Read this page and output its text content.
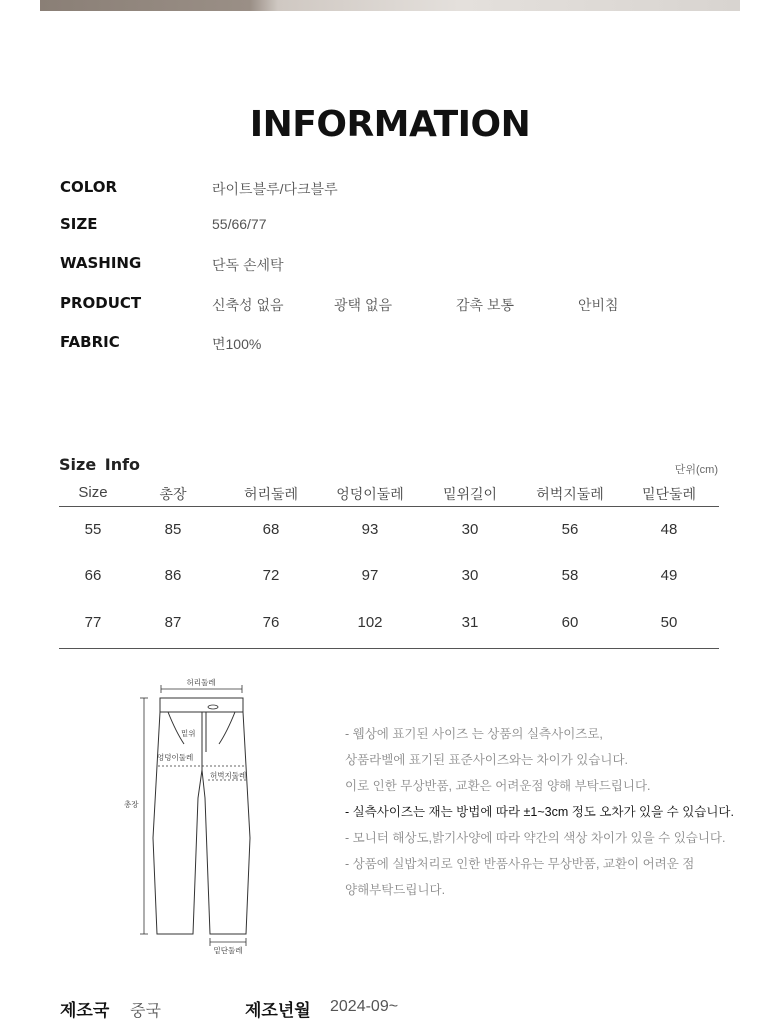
INFORMATION
COLOR	라이트블루/다크블루
SIZE	55/66/77
WASHING	단독 손세탁
PRODUCT	신축성 없음	광택 없음	감촉 보통	안비침
FABRIC	면100%
Size Info	단위(cm)
Size	총장	허리둘레	엉덩이둘레	밑위길이	허벅지둘레	밑단둘레
55	85	68	93	30	56	48
66	86	72	97	30	58	49
77	87	76	102	31	60	50
허리둘레
밑위
엉덩이둘레
허벅지둘레
총장
밑단둘레
- 웹상에 표기된 사이즈 는 상품의 실측사이즈로,
상품라벨에 표기된 표준사이즈와는 차이가 있습니다.
이로 인한 무상반품, 교환은 어려운점 양해 부탁드립니다.
- 실측사이즈는 재는 방법에 따라 ±1~3cm 정도 오차가 있을 수 있습니다.
- 모니터 해상도,밝기사양에 따라 약간의 색상 차이가 있을 수 있습니다.
- 상품에 실밥처리로 인한 반품사유는 무상반품, 교환이 어려운 점
양해부탁드립니다.
제조국 중국	제조년월 2024-09~
